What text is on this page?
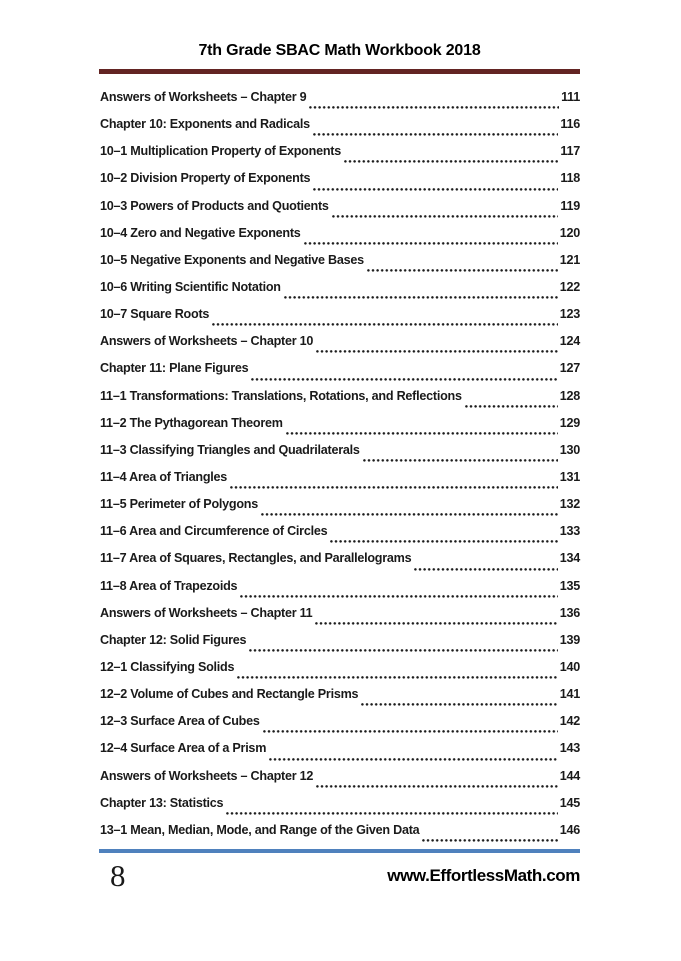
7th Grade SBAC Math Workbook 2018
Answers of Worksheets – Chapter 9	111
Chapter 10: Exponents and Radicals	116
10–1 Multiplication Property of Exponents	117
10–2 Division Property of Exponents	118
10–3 Powers of Products and Quotients	119
10–4 Zero and Negative Exponents	120
10–5 Negative Exponents and Negative Bases	121
10–6 Writing Scientific Notation	122
10–7 Square Roots	123
Answers of Worksheets – Chapter 10	124
Chapter 11: Plane Figures	127
11–1 Transformations: Translations, Rotations, and Reflections	128
11–2 The Pythagorean Theorem	129
11–3 Classifying Triangles and Quadrilaterals	130
11–4 Area of Triangles	131
11–5 Perimeter of Polygons	132
11–6 Area and Circumference of Circles	133
11–7 Area of Squares, Rectangles, and Parallelograms	134
11–8 Area of Trapezoids	135
Answers of Worksheets – Chapter 11	136
Chapter 12: Solid Figures	139
12–1 Classifying Solids	140
12–2 Volume of Cubes and Rectangle Prisms	141
12–3 Surface Area of Cubes	142
12–4 Surface Area of a Prism	143
Answers of Worksheets – Chapter 12	144
Chapter 13: Statistics	145
13–1 Mean, Median, Mode, and Range of the Given Data	146
8	www.EffortlessMath.com
